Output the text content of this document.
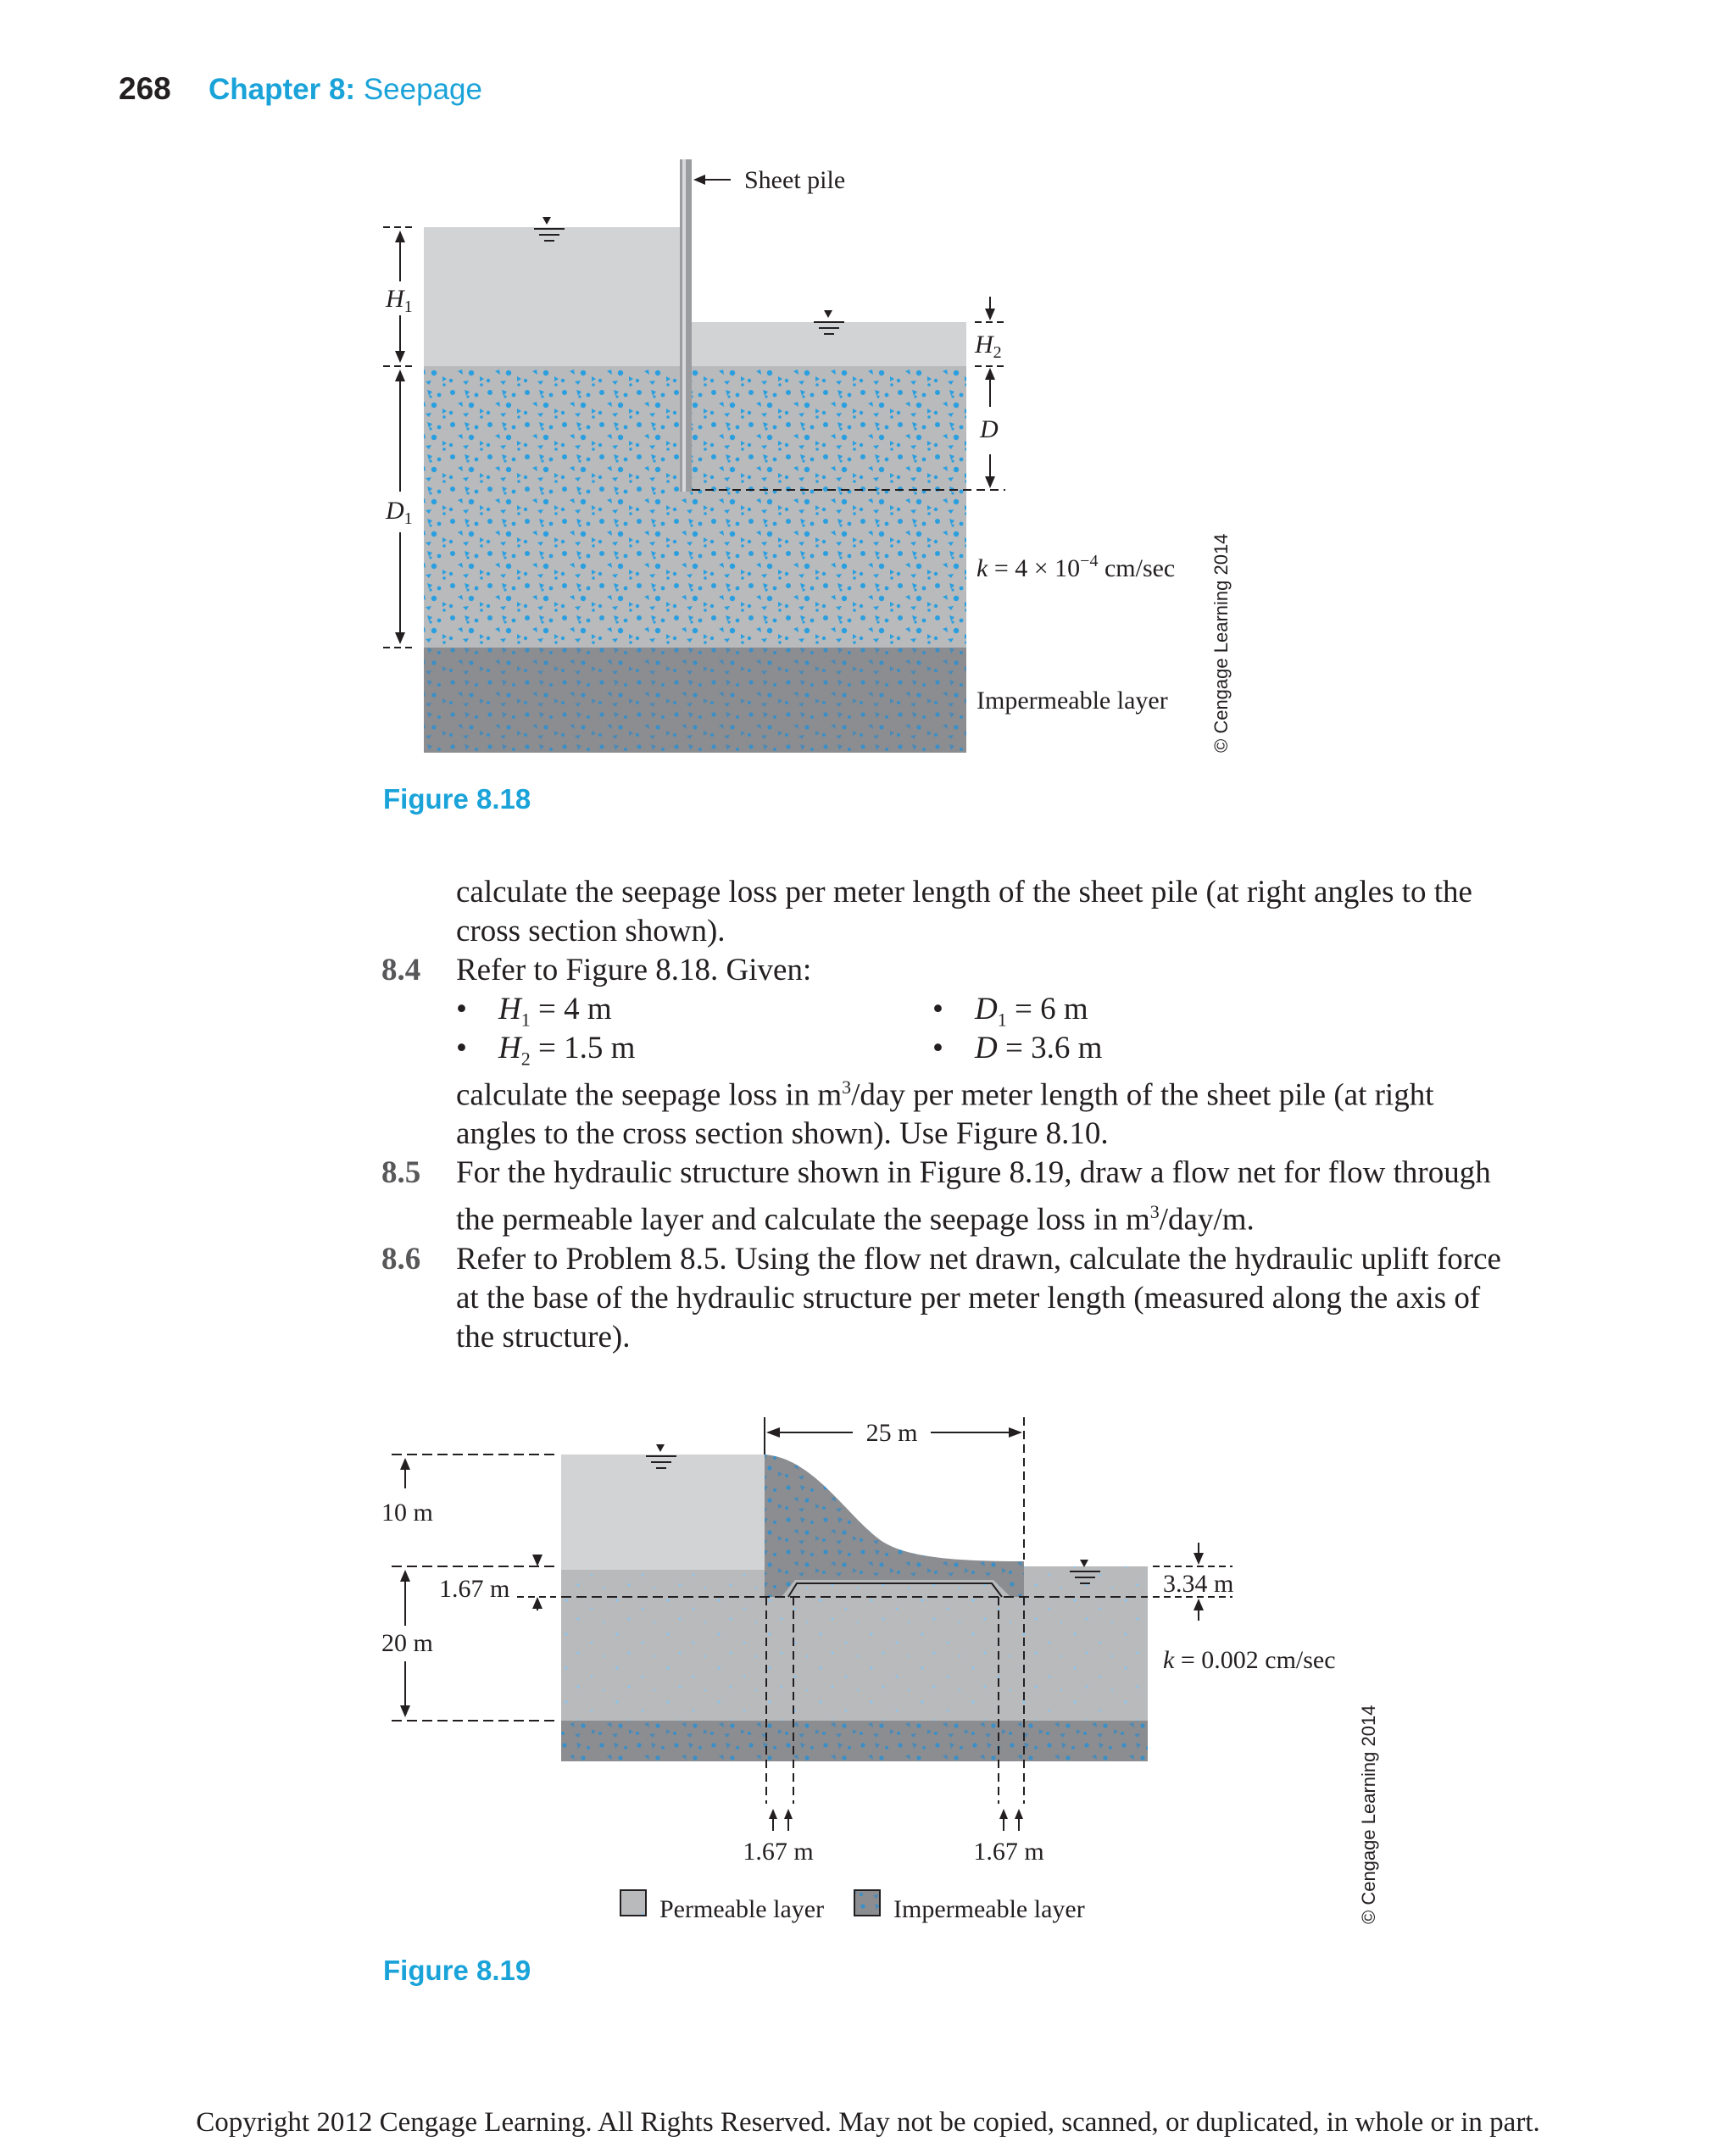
268 Chapter 8: Seepage
Sheet pile
$H_1$
$D_1$
$H_2$
D
$k = 4 \times 10^{-4}$ cm/sec
Impermeable layer © Cengage Learning 2014
25 m
10 m
20 m
1.67 m	3.34 m
k = 0.002 cm/sec
1.67 m	1.67 m
Permeable layer	Impermeable layer	© Cengage Learning 2014
Figure 8.18
calculate the seepage loss per meter length of the sheet pile (at right angles to the
cross section shown).
8.4 Refer to Figure 8.18. Given:
• $H_1 = 4$ m	• $D_1 = 6$ m
• $H_2 = 1.5$ m	• D = 3.6 m
calculate the seepage loss in $m^3$/day per meter length of the sheet pile (at right
angles to the cross section shown). Use Figure 8.10.
8.5 For the hydraulic structure shown in Figure 8.19, draw a flow net for flow through
the permeable layer and calculate the seepage loss in $m^3/day/m$.
8.6 Refer to Problem 8.5. Using the flow net drawn, calculate the hydraulic uplift force
at the base of the hydraulic structure per meter length (measured along the axis of
the structure).
Figure 8.19
Copyright 2012 Cengage Learning. All Rights Reserved. May not be copied, scanned, or duplicated, in whole or in part.
